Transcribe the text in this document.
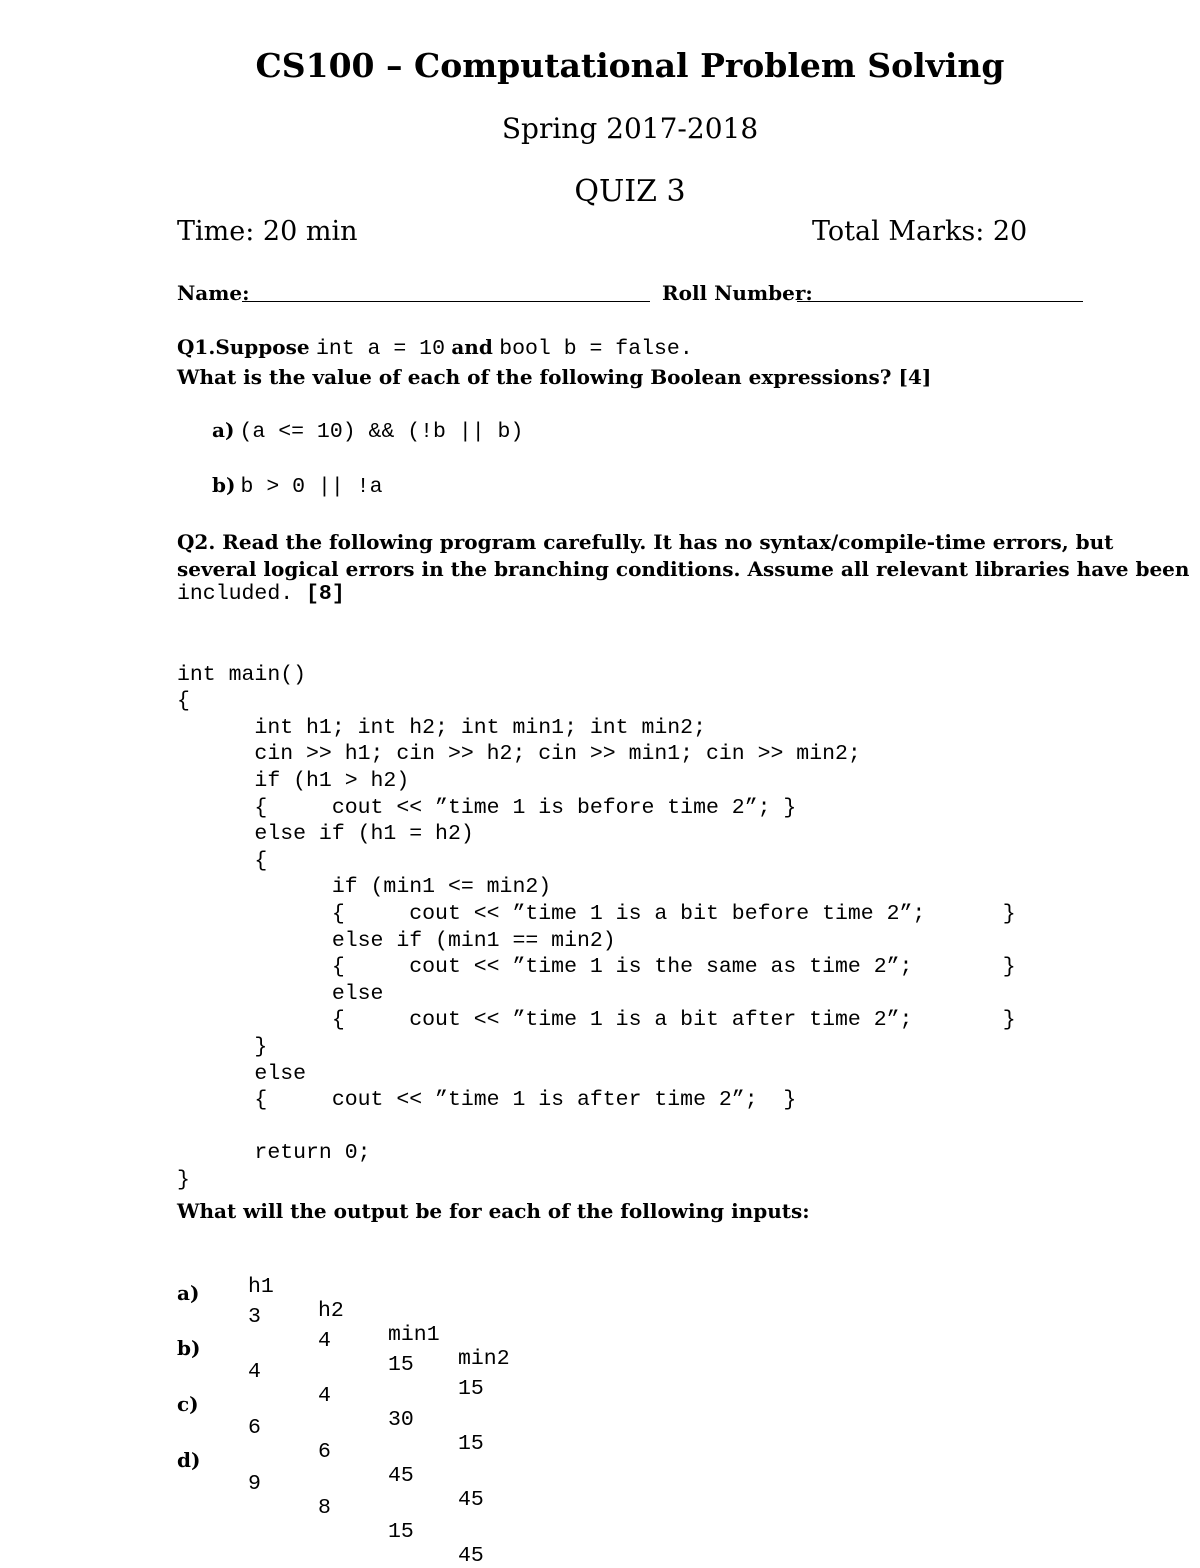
CS100 – Computational Problem Solving
Spring 2017-2018
QUIZ 3
Time: 20 min	Total Marks: 20
Name:	Roll Number:
Q1.Suppose int a = 10 and bool b = false.
What is the value of each of the following Boolean expressions? [4]
a) (a <= 10) && (!b || b)
b) b > 0 || !a
Q2. Read the following program carefully. It has no syntax/compile-time errors, but
several logical errors in the branching conditions. Assume all relevant libraries have been
included. [8]

int main()
{
int h1; int h2; int min1; int min2;
cin >> h1; cin >> h2; cin >> min1; cin >> min2;
if (h1 > h2)
{     cout << ”time 1 is before time 2”; }
else if (h1 = h2)
{
if (min1 <= min2)
{     cout << ”time 1 is a bit before time 2”;      }
else if (min1 == min2)
{     cout << ”time 1 is the same as time 2”;       }
else
{     cout << ”time 1 is a bit after time 2”;       }
}
else
{     cout << ”time 1 is after time 2”;  }
return 0;
}

What will the output be for each of the following inputs:

h1

h2

min1

min2

a)

3

4

15

15

b)

4

4

30

15

c)

6

6

45

45

d)

9

8

15

45
